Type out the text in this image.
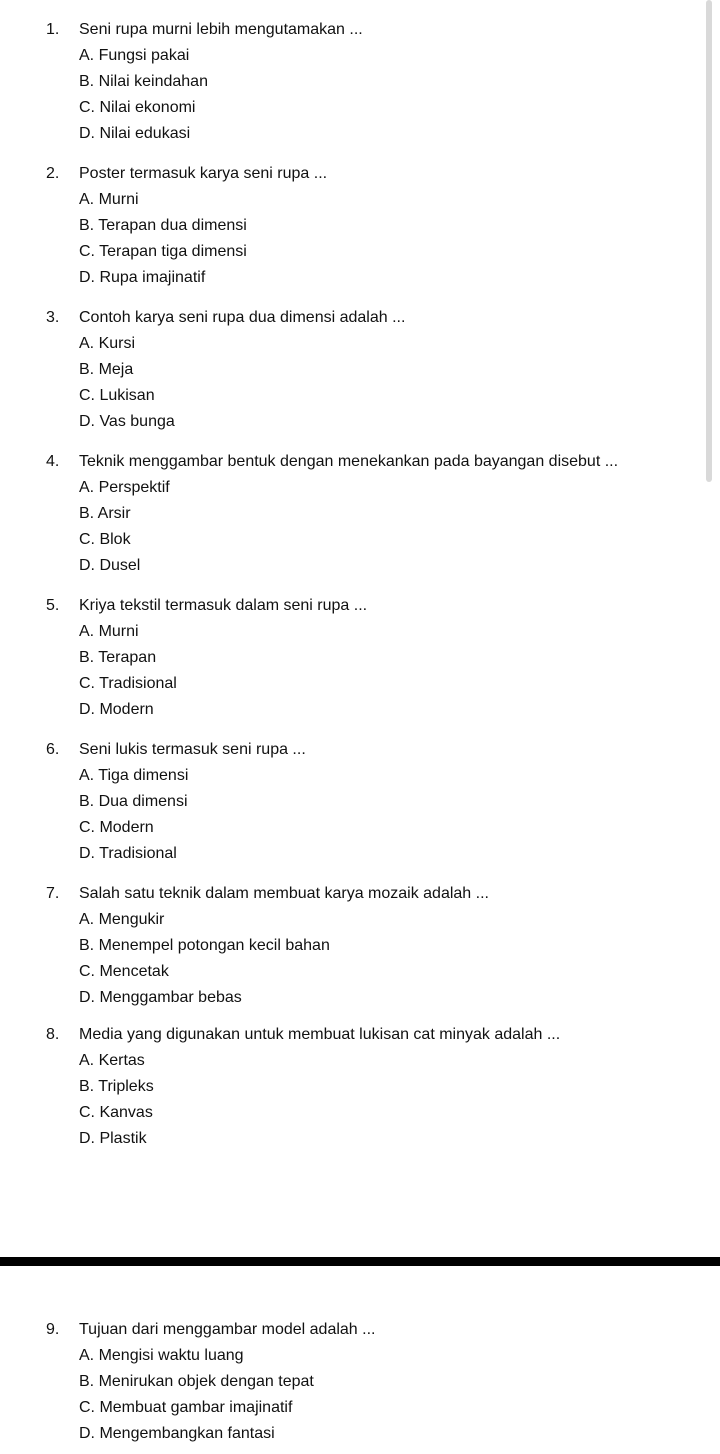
1.	Seni rupa murni lebih mengutamakan ...
A. Fungsi pakai
B. Nilai keindahan
C. Nilai ekonomi
D. Nilai edukasi
2.	Poster termasuk karya seni rupa ...
A. Murni
B. Terapan dua dimensi
C. Terapan tiga dimensi
D. Rupa imajinatif
3.	Contoh karya seni rupa dua dimensi adalah ...
A. Kursi
B. Meja
C. Lukisan
D. Vas bunga
4.	Teknik menggambar bentuk dengan menekankan pada bayangan disebut ...
A. Perspektif
B. Arsir
C. Blok
D. Dusel
5.	Kriya tekstil termasuk dalam seni rupa ...
A. Murni
B. Terapan
C. Tradisional
D. Modern
6.	Seni lukis termasuk seni rupa ...
A. Tiga dimensi
B. Dua dimensi
C. Modern
D. Tradisional
7.	Salah satu teknik dalam membuat karya mozaik adalah ...
A. Mengukir
B. Menempel potongan kecil bahan
C. Mencetak
D. Menggambar bebas
8.	Media yang digunakan untuk membuat lukisan cat minyak adalah ...
A. Kertas
B. Tripleks
C. Kanvas
D. Plastik
9.	Tujuan dari menggambar model adalah ...
A. Mengisi waktu luang
B. Menirukan objek dengan tepat
C. Membuat gambar imajinatif
D. Mengembangkan fantasi
